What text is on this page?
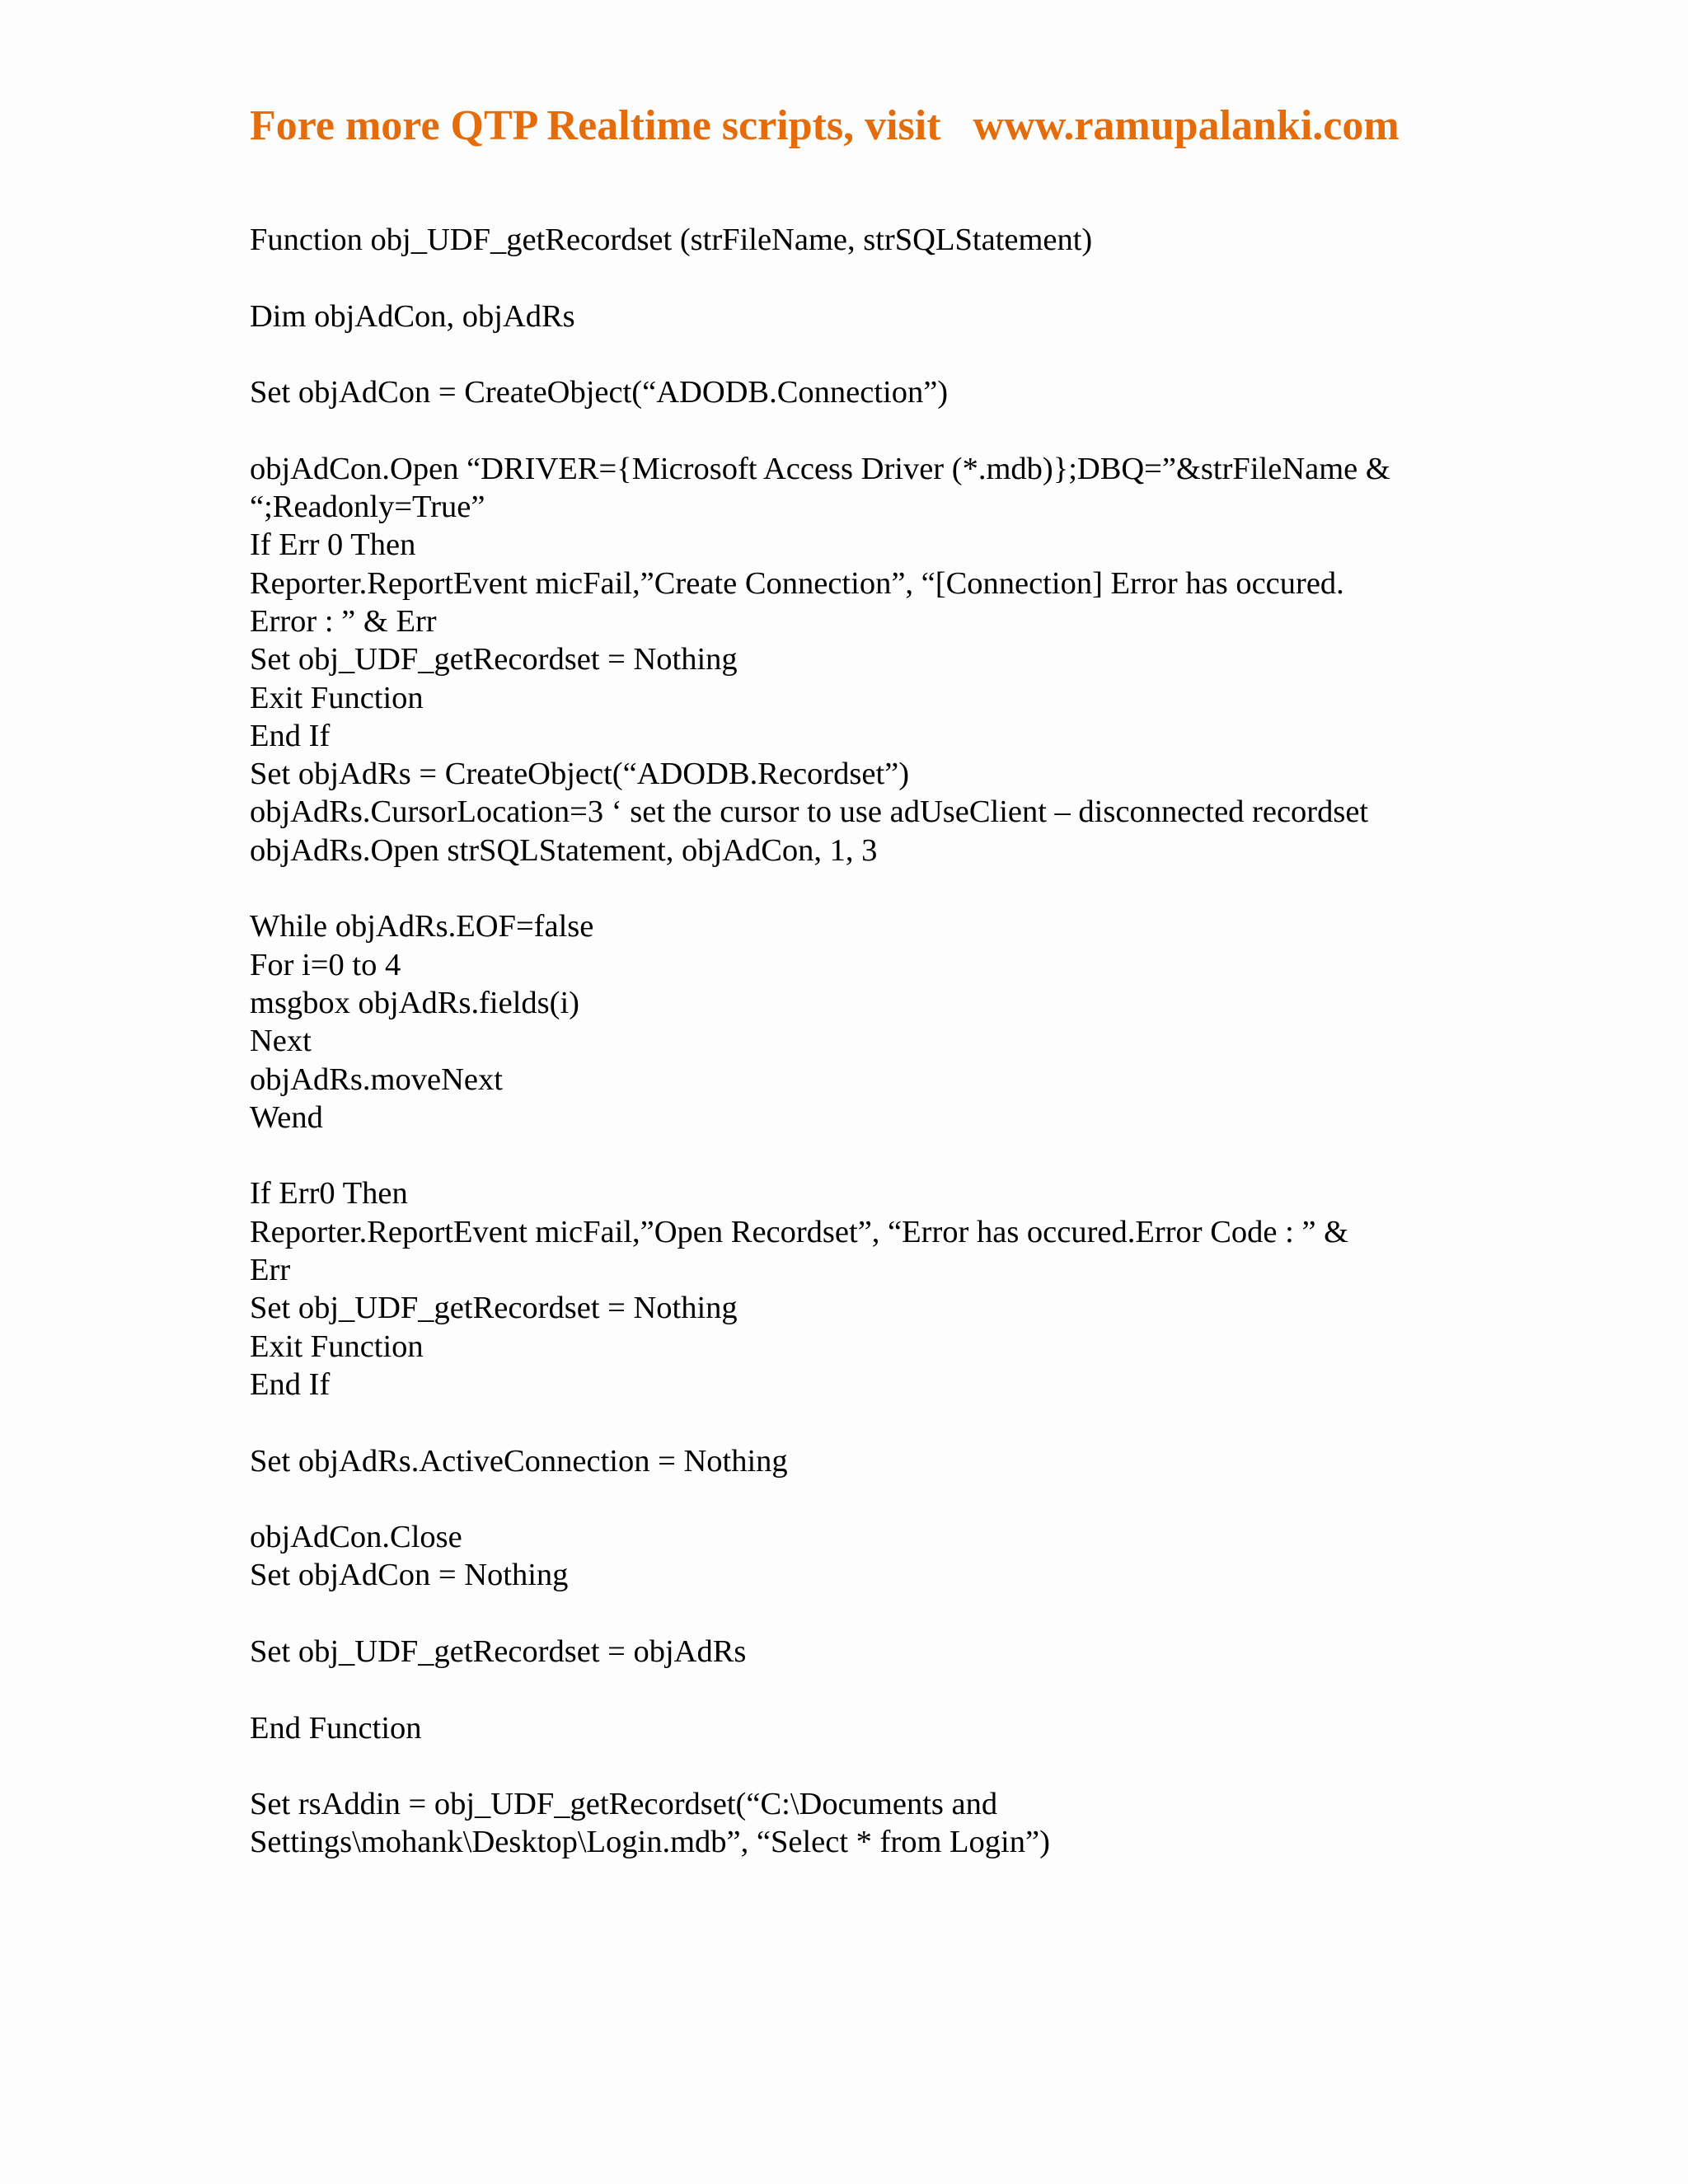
Fore more QTP Realtime scripts, visit   www.ramupalanki.com
Function obj_UDF_getRecordset (strFileName, strSQLStatement)
Dim objAdCon, objAdRs
Set objAdCon = CreateObject(“ADODB.Connection”)
objAdCon.Open “DRIVER={Microsoft Access Driver (*.mdb)};DBQ=”&strFileName &
“;Readonly=True”
If Err 0 Then
Reporter.ReportEvent micFail,”Create Connection”, “[Connection] Error has occured.
Error : ” & Err
Set obj_UDF_getRecordset = Nothing
Exit Function
End If
Set objAdRs = CreateObject(“ADODB.Recordset”)
objAdRs.CursorLocation=3 ‘ set the cursor to use adUseClient – disconnected recordset
objAdRs.Open strSQLStatement, objAdCon, 1, 3
While objAdRs.EOF=false
For i=0 to 4
msgbox objAdRs.fields(i)
Next
objAdRs.moveNext
Wend
If Err0 Then
Reporter.ReportEvent micFail,”Open Recordset”, “Error has occured.Error Code : ” &
Err
Set obj_UDF_getRecordset = Nothing
Exit Function
End If
Set objAdRs.ActiveConnection = Nothing
objAdCon.Close
Set objAdCon = Nothing
Set obj_UDF_getRecordset = objAdRs
End Function
Set rsAddin = obj_UDF_getRecordset(“C:\Documents and
Settings\mohank\Desktop\Login.mdb”, “Select * from Login”)
